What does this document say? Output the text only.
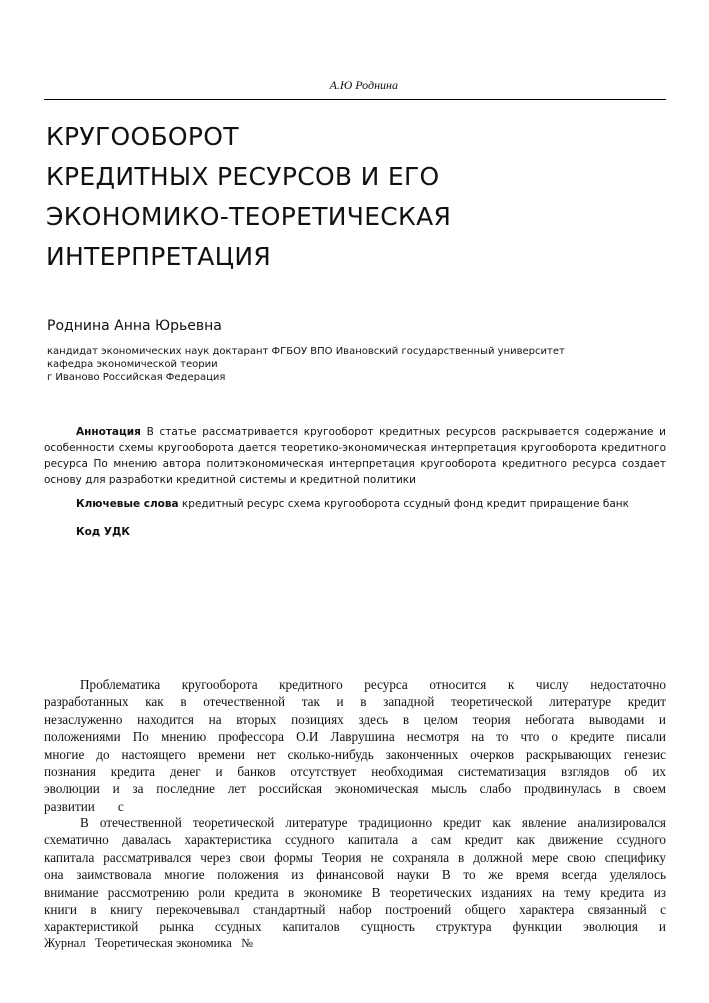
А.Ю Роднина
КРУГООБОРОТ
КРЕДИТНЫХ РЕСУРСОВ И ЕГО
ЭКОНОМИКО-ТЕОРЕТИЧЕСКАЯ
ИНТЕРПРЕТАЦИЯ
Роднина Анна Юрьевна
кандидат экономических наук доктарант ФГБОУ ВПО Ивановский государственный университет
кафедра экономической теории
г Иваново Российская Федерация
Аннотация В статье рассматривается кругооборот кредитных ресурсов раскрывается содержание и особенности схемы кругооборота дается теоретико-экономическая интерпретация кругооборота кредитного ресурса По мнению автора политэкономическая интерпретация кругооборота кредитного ресурса создает основу для разработки кредитной системы и кредитной политики
Ключевые слова кредитный ресурс схема кругооборота ссудный фонд кредит приращение банк
Код УДК
Проблематика кругооборота кредитного ресурса относится к числу недостаточно
разработанных как в отечественной так и в западной теоретической литературе кредит
незаслуженно находится на вторых позициях здесь в целом теория небогата выводами и
положениями По мнению профессора О.И Лаврушина несмотря на то что о кредите писали
многие до настоящего времени нет сколько-нибудь законченных очерков раскрывающих генезис
познания кредита денег и банков отсутствует необходимая систематизация взглядов об их
эволюции и за последние лет российская экономическая мысль слабо продвинулась в своем
развитии       с
В отечественной теоретической литературе традиционно кредит как явление анализировался
схематично давалась характеристика ссудного капитала а сам кредит как движение ссудного
капитала рассматривался через свои формы Теория не сохраняла в должной мере свою специфику
она заимствовала многие положения из финансовой науки В то же время всегда уделялось
внимание рассмотрению роли кредита в экономике В теоретических изданиях на тему кредита из
книги в книгу перекочевывал стандартный набор построений общего характера связанный с
характеристикой рынка ссудных капиталов сущность структура функции эволюция и
Журнал   Теоретическая экономика   №
